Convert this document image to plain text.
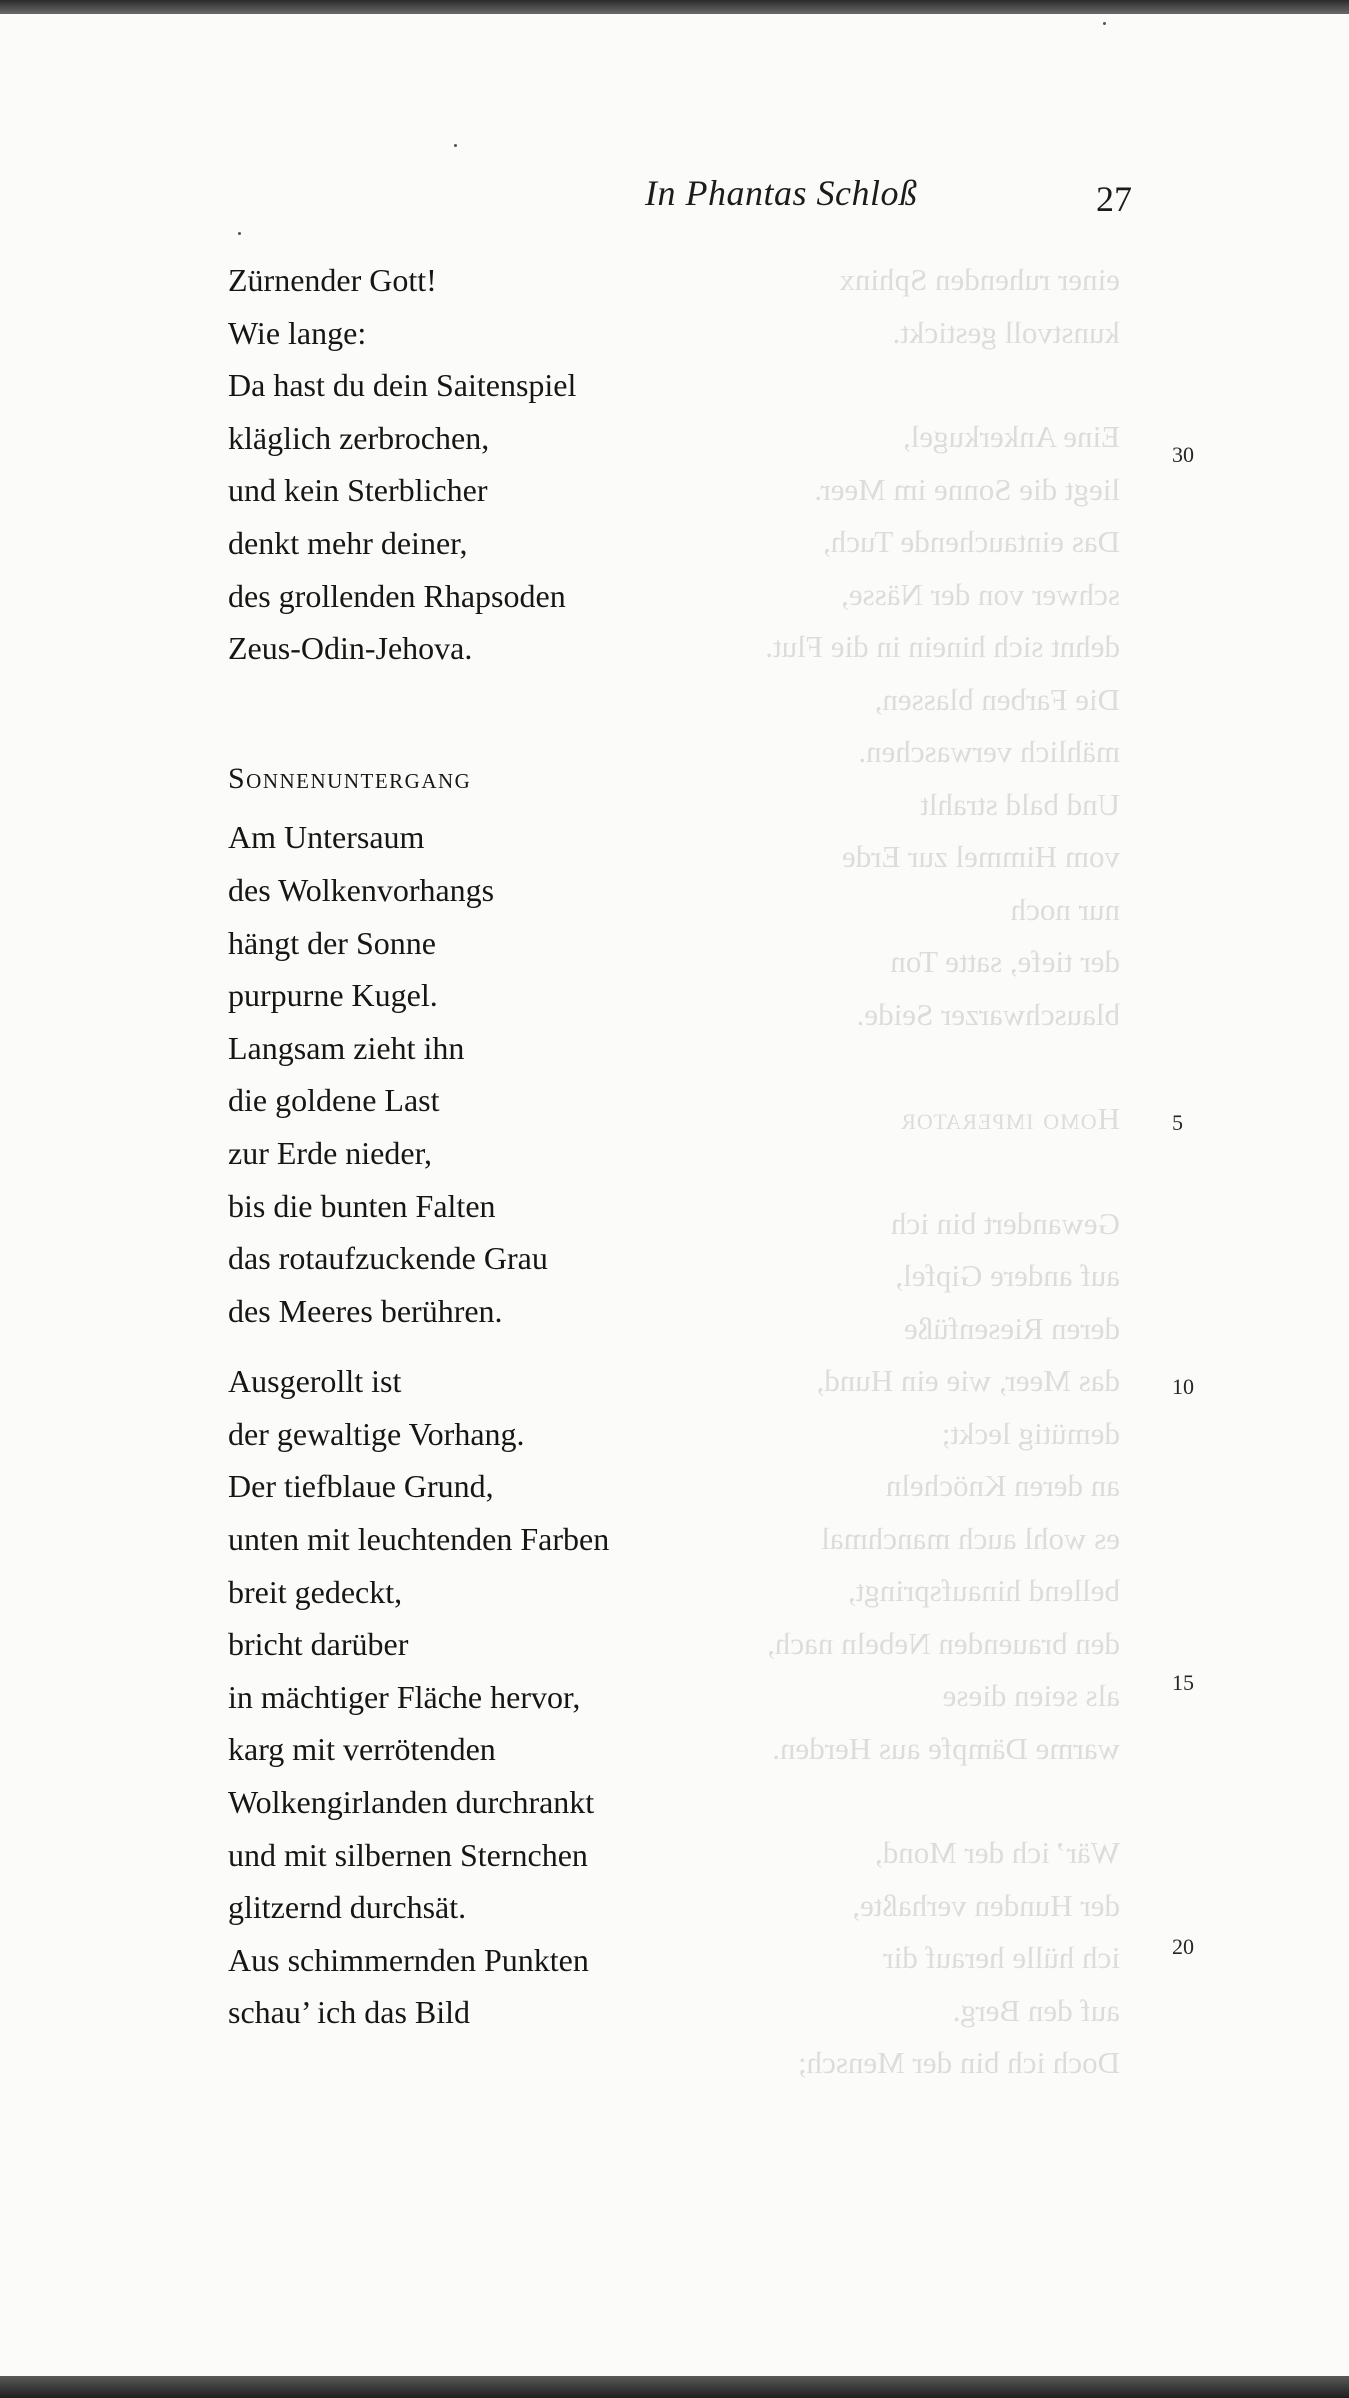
einer ruhenden Sphinx
kunstvoll gestickt.
Eine Ankerkugel,
liegt die Sonne im Meer.
Das eintauchende Tuch,
schwer von der Nässe,
dehnt sich hinein in die Flut.
Die Farben blassen,
mählich verwaschen.
Und bald strahlt
vom Himmel zur Erde
nur noch
der tiefe, satte Ton
blauschwarzer Seide.
Homo imperator
Gewandert bin ich
auf andere Gipfel,
deren Riesenfüße
das Meer, wie ein Hund,
demütig leckt;
an deren Knöcheln
es wohl auch manchmal
bellend hinaufspringt,
den brauenden Nebeln nach,
als seien diese
warme Dämpfe aus Herden.
Wär’ ich der Mond,
der Hunden verhaßte,
ich hülle herauf dir
auf den Berg.
Doch ich bin der Mensch;
In Phantas Schloß	27
Zürnender Gott!
Wie lange:
Da hast du dein Saitenspiel
kläglich zerbrochen,
und kein Sterblicher
denkt mehr deiner,
des grollenden Rhapsoden
Zeus-Odin-Jehova.
Sonnenuntergang
Am Untersaum
des Wolkenvorhangs
hängt der Sonne
purpurne Kugel.
Langsam zieht ihn
die goldene Last
zur Erde nieder,
bis die bunten Falten
das rotaufzuckende Grau
des Meeres berühren.
Ausgerollt ist
der gewaltige Vorhang.
Der tiefblaue Grund,
unten mit leuchtenden Farben
breit gedeckt,
bricht darüber
in mächtiger Fläche hervor,
karg mit verrötenden
Wolkengirlanden durchrankt
und mit silbernen Sternchen
glitzernd durchsät.
Aus schimmernden Punkten
schau’ ich das Bild
30
5
10
15
20
